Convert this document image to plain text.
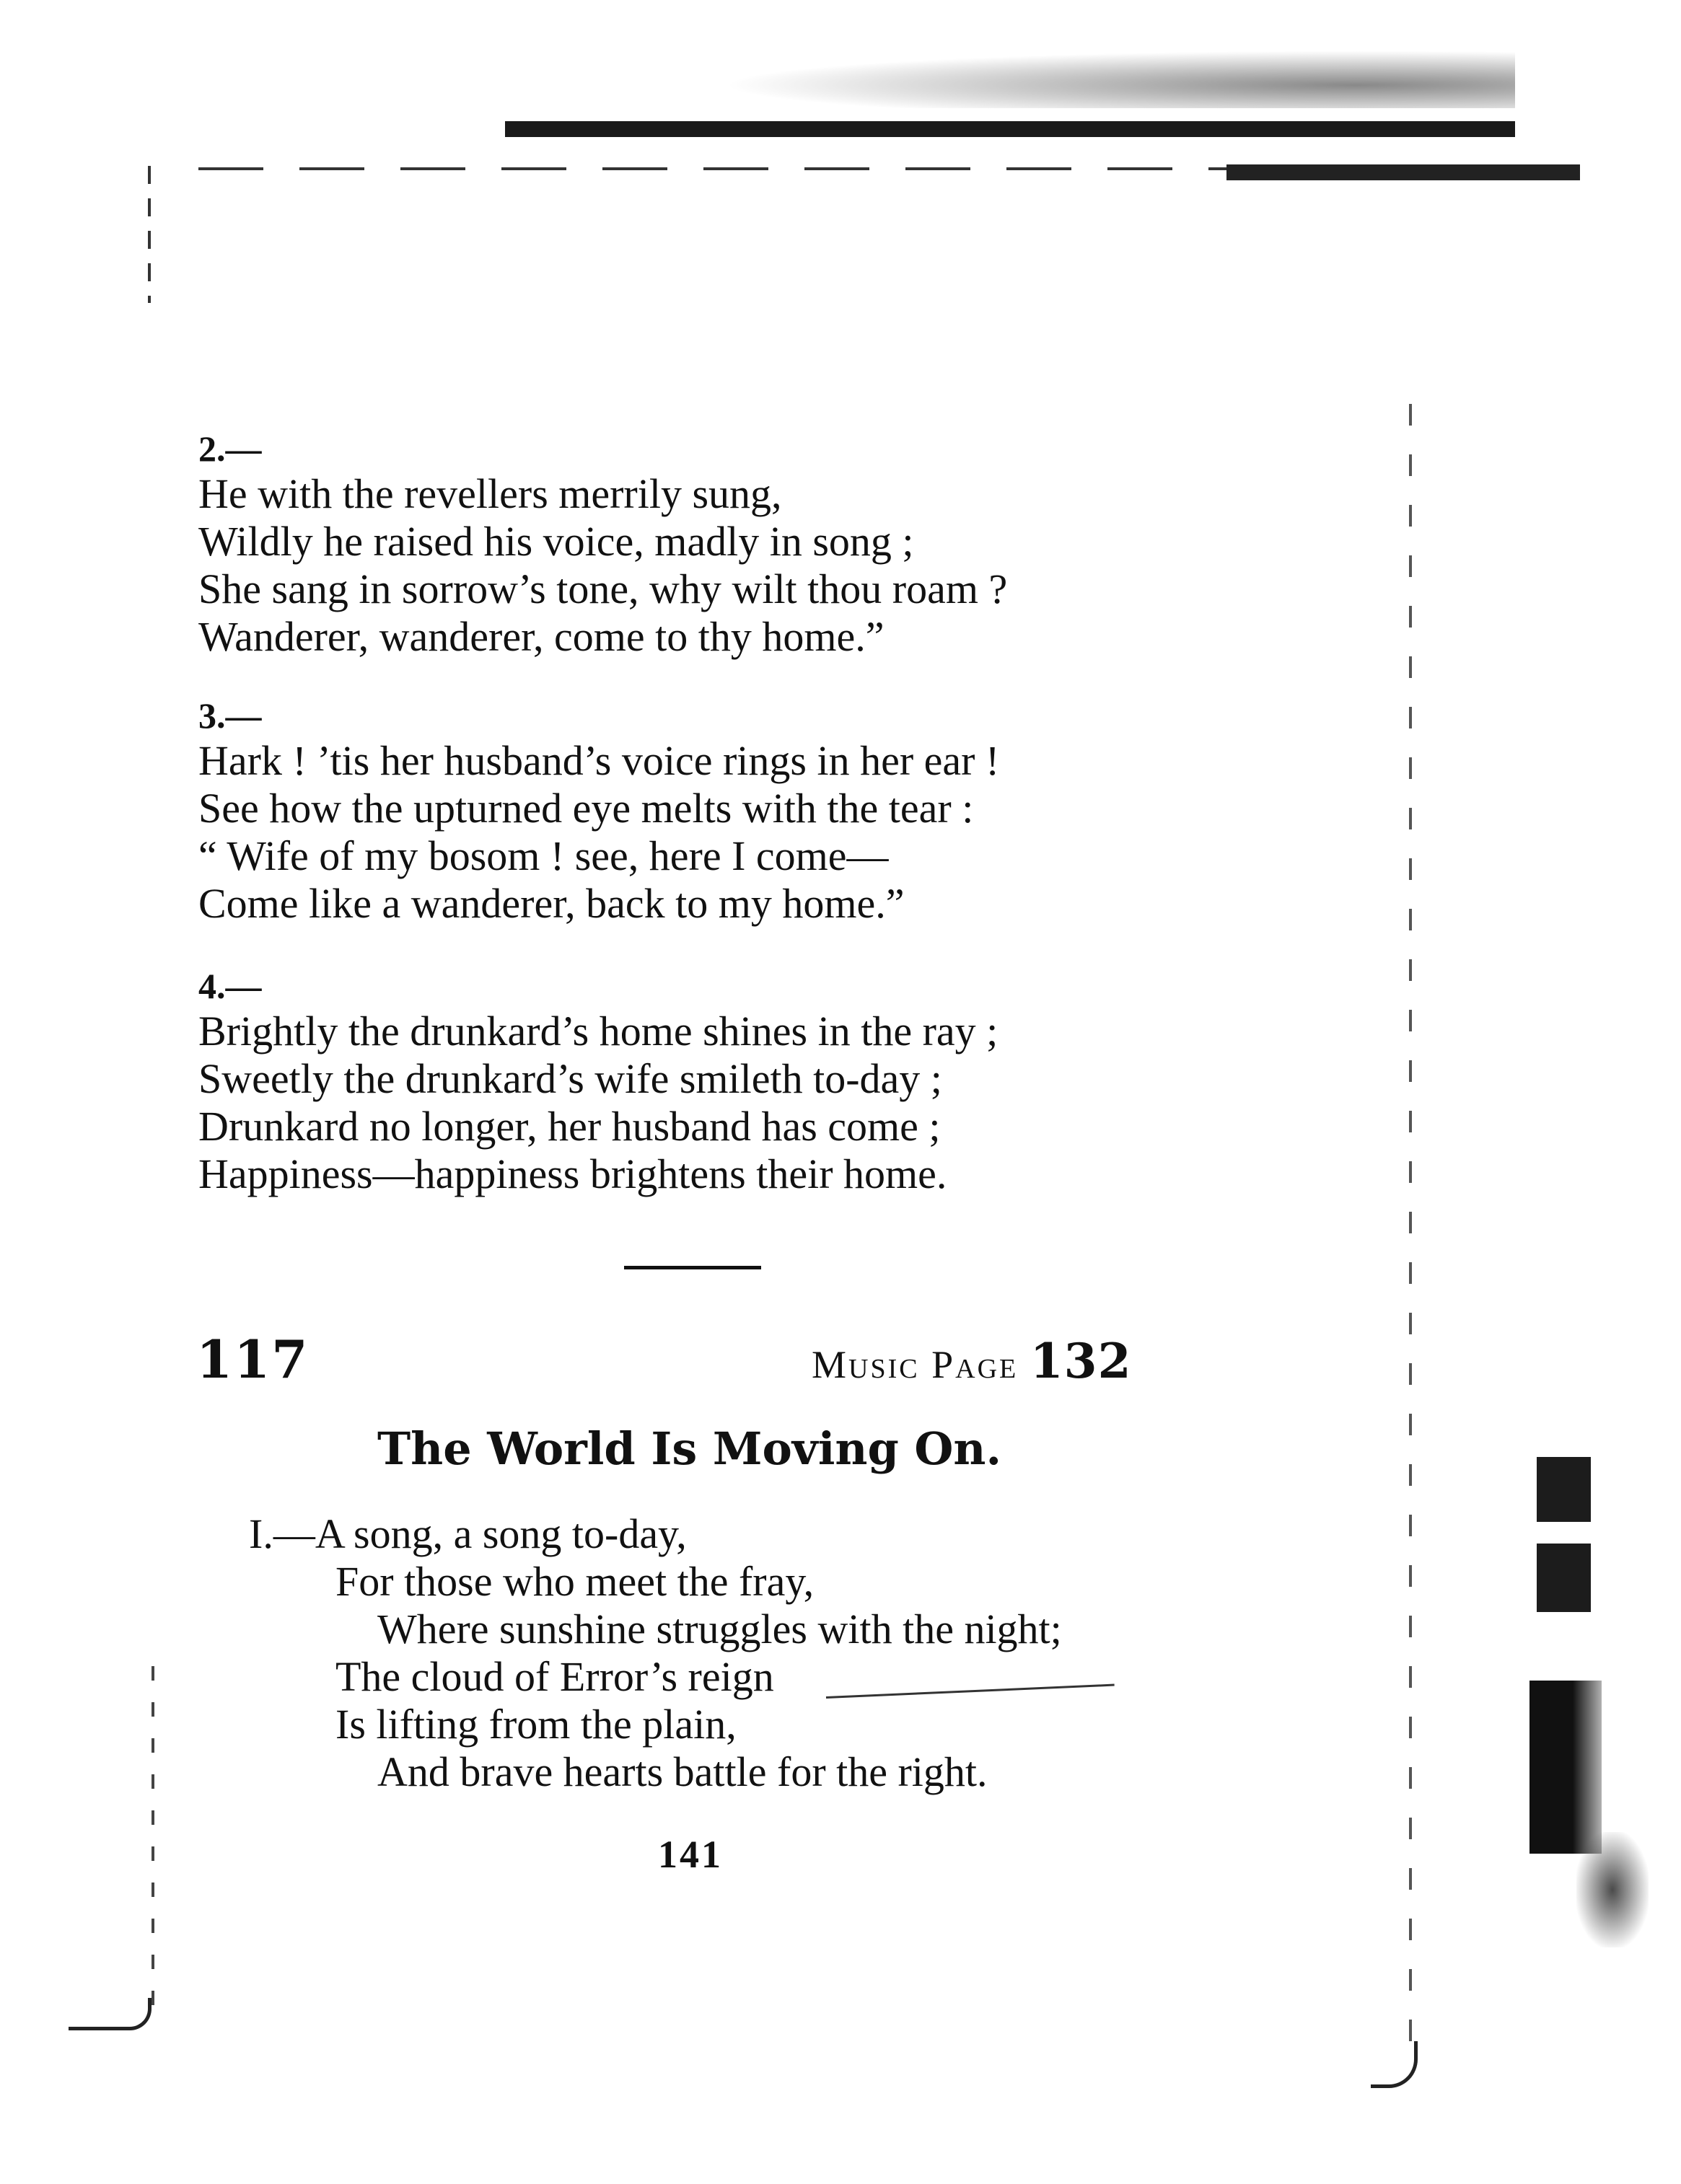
2.—
He with the revellers merrily sung,
Wildly he raised his voice, madly in song ;
She sang in sorrow’s tone, why wilt thou roam ?
Wanderer, wanderer, come to thy home.”
3.—
Hark ! ’tis her husband’s voice rings in her ear !
See how the upturned eye melts with the tear :
“ Wife of my bosom ! see, here I come—
Come like a wanderer, back to my home.”
4.—
Brightly the drunkard’s home shines in the ray ;
Sweetly the drunkard’s wife smileth to-day ;
Drunkard no longer, her husband has come ;
Happiness—happiness brightens their home.
117	Music Page 132
The World Is Moving On.
I.—A song, a song to-day,
For those who meet the fray,
Where sunshine struggles with the night;
The cloud of Error’s reign
Is lifting from the plain,
And brave hearts battle for the right.
141
